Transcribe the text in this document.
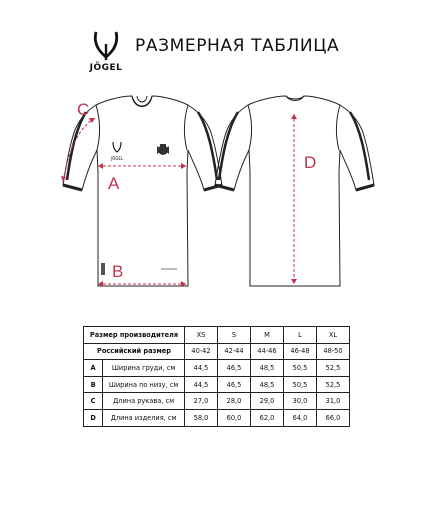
JÖGEL
РАЗМЕРНАЯ ТАБЛИЦА
JÖGEL
A
B
C
D
Размер производителя		XS	S	M	L	XL
Российский размер		40-42	42-44	44-46	46-48	48-50
A	Ширина груди, см	44,5	46,5	48,5	50,5	52,5
B	Ширина по низу, см	44,5	46,5	48,5	50,5	52,5
C	Длина рукава, см	27,0	28,0	29,0	30,0	31,0
D	Длина изделия, см	58,0	60,0	62,0	64,0	66,0
